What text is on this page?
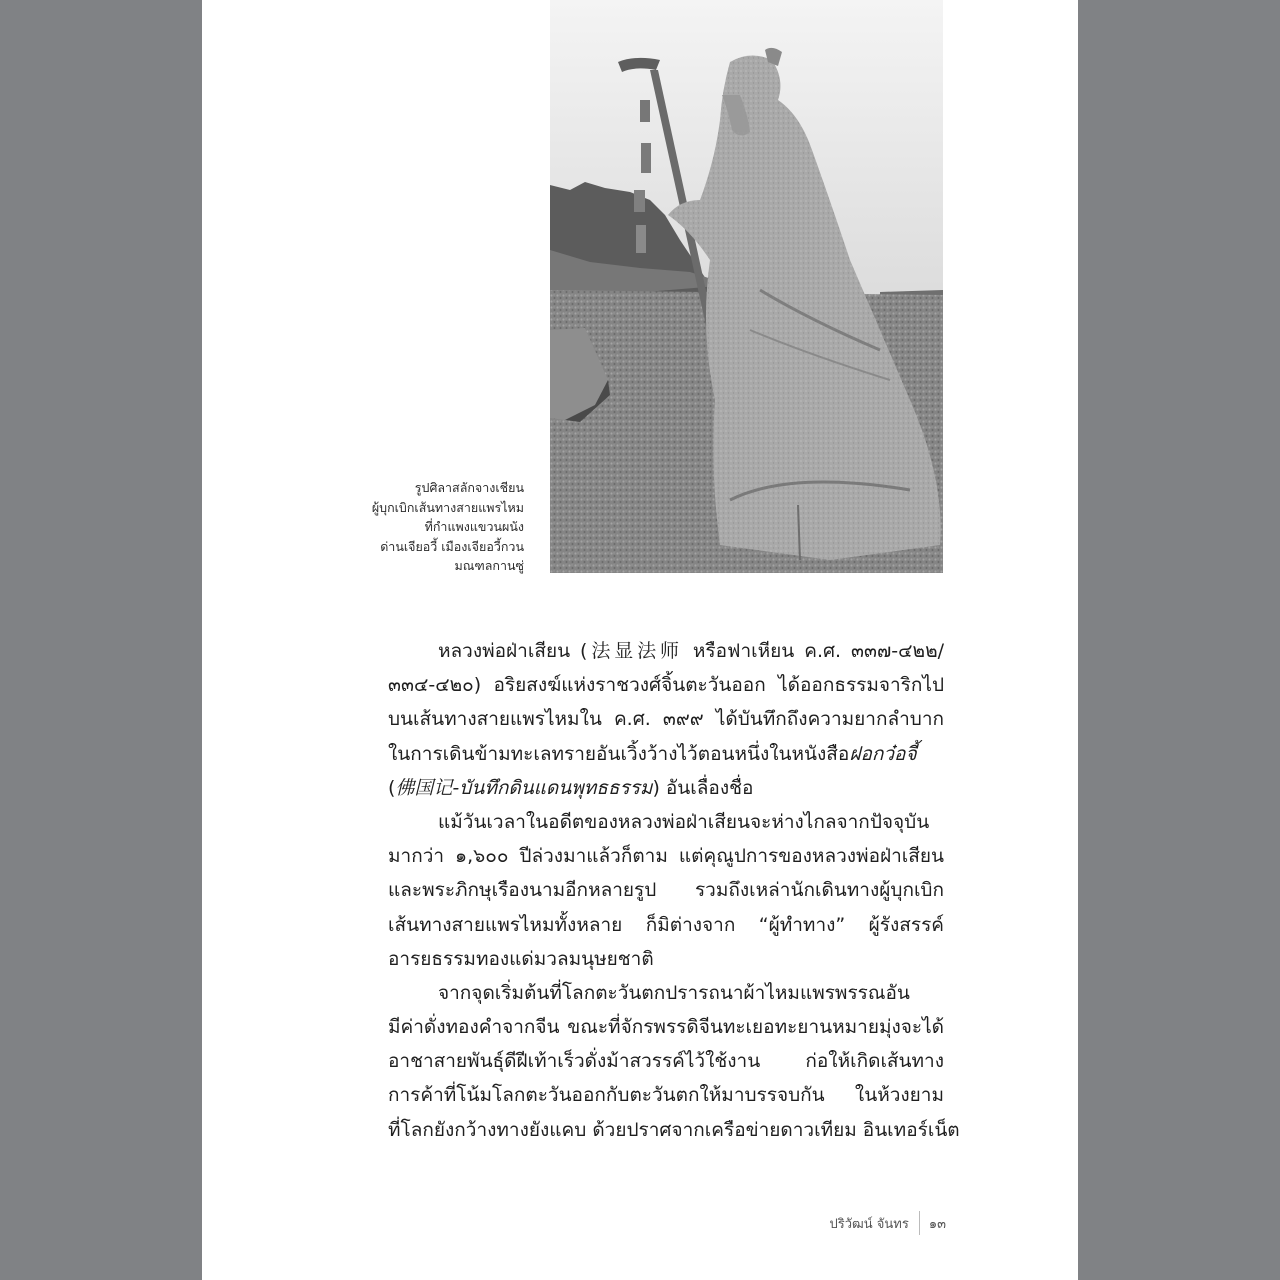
รูปศิลาสลักจางเชียน
ผู้บุกเบิกเส้นทางสายแพรไหม
ที่กำแพงแขวนผนัง
ด่านเจียอวี้ เมืองเจียอวี้กวน
มณฑลกานซู่
หลวงพ่อฝ่าเสียน (法显法师 หรือฟาเหียน ค.ศ. ๓๓๗-๔๒๒/
๓๓๔-๔๒๐) อริยสงฆ์แห่งราชวงศ์จิ้นตะวันออก ได้ออกธรรมจาริกไป
บนเส้นทางสายแพรไหมใน ค.ศ. ๓๙๙ ได้บันทึกถึงความยากลำบาก
ในการเดินข้ามทะเลทรายอันเวิ้งว้างไว้ตอนหนึ่งในหนังสือฝอกว๋อจี้
(佛国记-บันทึกดินแดนพุทธธรรม) อันเลื่องชื่อ
แม้วันเวลาในอดีตของหลวงพ่อฝ่าเสียนจะห่างไกลจากปัจจุบัน
มากว่า ๑,๖๐๐ ปีล่วงมาแล้วก็ตาม แต่คุณูปการของหลวงพ่อฝ่าเสียน
และพระภิกษุเรืองนามอีกหลายรูป รวมถึงเหล่านักเดินทางผู้บุกเบิก
เส้นทางสายแพรไหมทั้งหลาย ก็มิต่างจาก “ผู้ทำทาง” ผู้รังสรรค์
อารยธรรมทองแด่มวลมนุษยชาติ
จากจุดเริ่มต้นที่โลกตะวันตกปรารถนาผ้าไหมแพรพรรณอัน
มีค่าดั่งทองคำจากจีน ขณะที่จักรพรรดิจีนทะเยอทะยานหมายมุ่งจะได้
อาชาสายพันธุ์ดีฝีเท้าเร็วดั่งม้าสวรรค์ไว้ใช้งาน ก่อให้เกิดเส้นทาง
การค้าที่โน้มโลกตะวันออกกับตะวันตกให้มาบรรจบกัน ในห้วงยาม
ที่โลกยังกว้างทางยังแคบ ด้วยปราศจากเครือข่ายดาวเทียม อินเทอร์เน็ต
ปริวัฒน์ จันทร ๑๓
